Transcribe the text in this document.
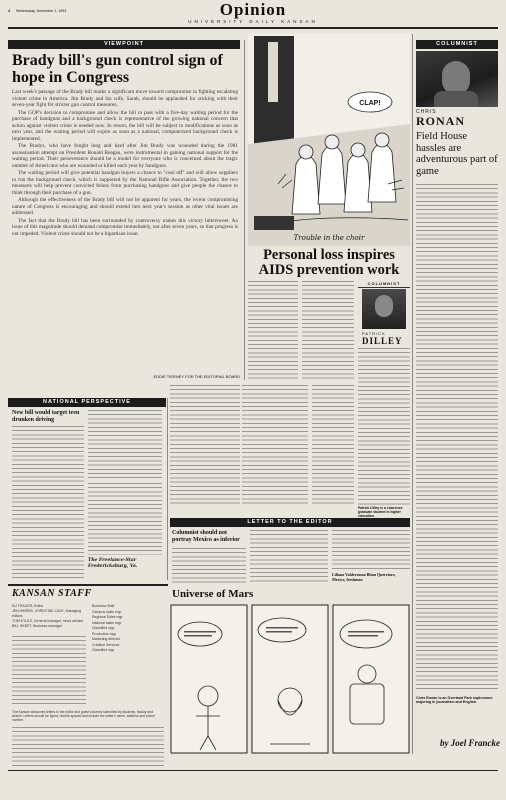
4 Wednesday, December 1, 1993	Opinion
UNIVERSITY DAILY KANSAN
VIEWPOINT
Brady bill's gun control sign of hope in Congress

Last week's passage of the Brady bill marks a significant move toward compromise in fighting escalating violent crime in America. Jim Brady and his wife, Sarah, should be applauded for sticking with their seven-year fight for stricter gun control measures.

The GOP's decision to compromise and allow the bill to pass with a five-day waiting period for the purchase of handguns and a background check is representative of the growing national concern that action against violent crime is needed now. In return, the bill will be subject to modifications as soon as next year, and the waiting period will expire as soon as a national, computerized background check is implemented.

The Bradys, who have fought long and hard after Jim Brady was wounded during the 1981 assassination attempt on President Ronald Reagan, were instrumental in gaining national support for the waiting period. Their perseverance should be a model for everyone who is concerned about the tragic number of Americans who are wounded or killed each year by handguns.

The waiting period will give potential handgun buyers a chance to "cool off" and will allow suppliers to run the background check, which is supported by the National Rifle Association. Together, the two measures will help prevent convicted felons from purchasing handguns and give people the chance to think through their purchase of a gun.

Although the effectiveness of the Brady bill will not be apparent for years, the recent compromising nature of Congress is encouraging and should extend into next year's session as other vital issues are addressed.

The fact that the Brady bill has been surrounded by controversy makes this victory bittersweet. An issue of this magnitude should demand compromise immediately, not after seven years, so that progress is not impeded. Violent crime should not be a bipartisan issue.

EDDIE TIERNEY FOR THE EDITORIAL BOARD
CLAP!
Trouble in the choir
COLUMNIST
CHRIS
RONAN
Field House hassles are adventurous part of game
Chris Ronan is an Overland Park sophomore majoring in journalism and English.
Personal loss inspires AIDS prevention work
COLUMNIST
PATRICK
DILLEY
Patrick Dilley is a Lawrence graduate student in higher education.
NATIONAL PERSPECTIVE
New bill would target teen drunken driving
The Freelance-Star Fredericksburg, Va.
LETTER TO THE EDITOR
Columnist should not portray Mexico as inferior
Liliana Valderrama Blum Queretaro, Mexico, freshman
KANSAN STAFF
KU TRACER, Editor
JEN HARRIS, CHRISTINE LACK, Managing editors
TOM EYLES, General manager, news adviser
BILL SKEET, Business manager
Business Staff
Campus sales mgr.
Regional Sales mgr.
National sales mgr.
Classified mgr.
Production mgr.
Marketing director
Creative Services
Classified mgr.
The Kansan welcomes letters to the editor and guest columns submitted by students, faculty and alumni. Letters should be typed, double-spaced and include the writer's name, address and phone number.
Universe of Mars
by Joel Francke
